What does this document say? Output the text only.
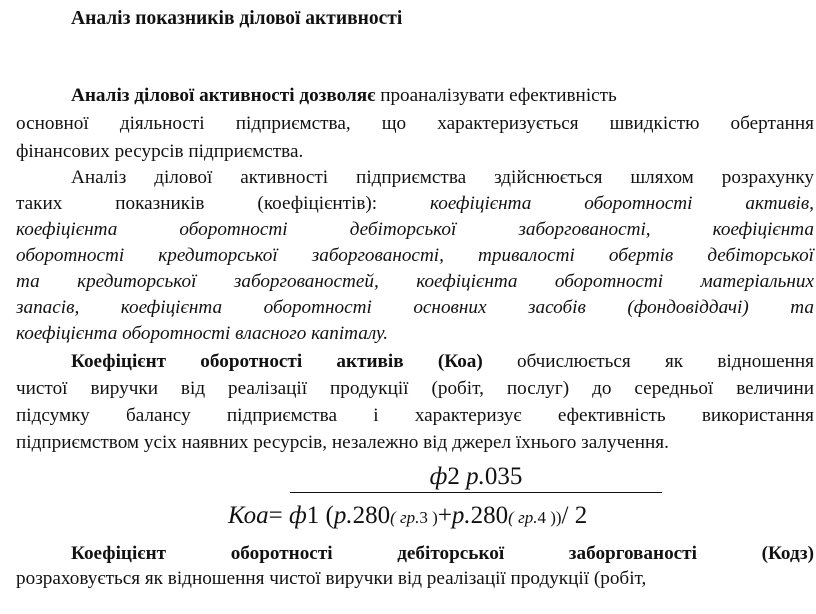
Аналіз показників ділової активності
Аналіз ділової активності дозволяє проаналізувати ефективність
основної діяльності підприємства, що характеризується швидкістю обертання
фінансових ресурсів підприємства.
Аналіз ділової активності підприємства здійснюється шляхом розрахунку
таких показників (коефіцієнтів): коефіцієнта оборотності активів,
коефіцієнта оборотності дебіторської заборгованості, коефіцієнта
оборотності кредиторської заборгованості, тривалості обертів дебіторської
та кредиторської заборгованостей, коефіцієнта оборотності матеріальних
запасів, коефіцієнта оборотності основних засобів (фондовіддачі) та
коефіцієнта оборотності власного капіталу.
Коефіцієнт оборотності активів (Коа) обчислюється як відношення
чистої виручки від реалізації продукції (робіт, послуг) до середньої величини
підсумку балансу підприємства і характеризує ефективність використання
підприємством усіх наявних ресурсів, незалежно від джерел їхнього залучення.
ф2 р.035
Коа= ф1 (р.280( гр.3 )+р.280( гр.4 ))/ 2
Коефіцієнт оборотності дебіторської заборгованості (Кодз)
розраховується як відношення чистої виручки від реалізації продукції (робіт,
